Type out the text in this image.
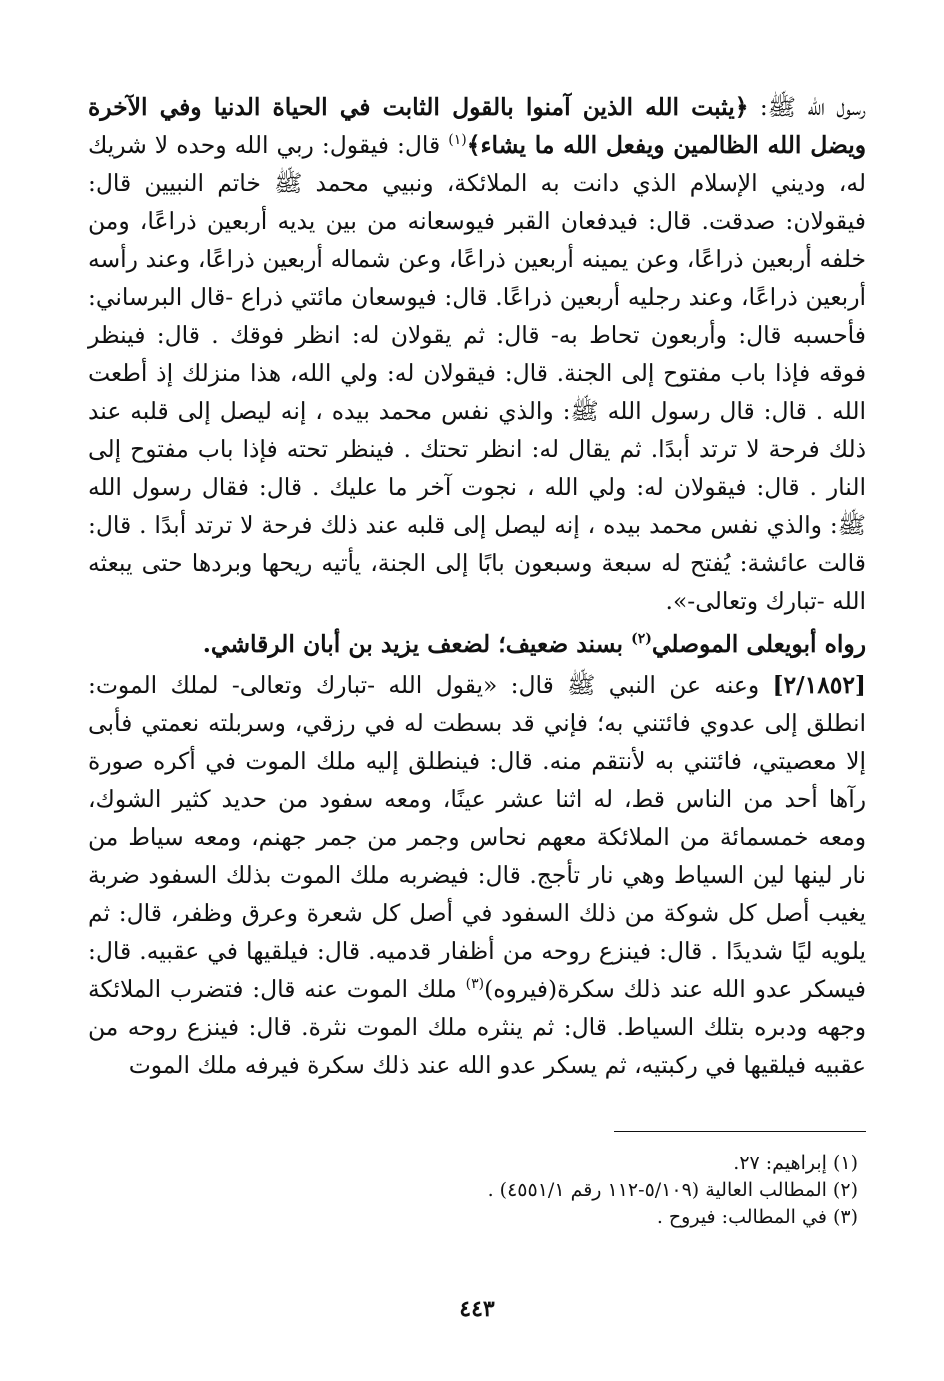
رسول الله ﷺ: ﴿يثبت الله الذين آمنوا بالقول الثابت في الحياة الدنيا وفي الآخرة ويضل الله الظالمين ويفعل الله ما يشاء﴾$^{(١)}$ قال: فيقول: ربي الله وحده لا شريك له، وديني الإسلام الذي دانت به الملائكة، ونبيي محمد ﷺ خاتم النبيين قال: فيقولان: صدقت. قال: فيدفعان القبر فيوسعانه من بين يديه أربعين ذراعًا، ومن خلفه أربعين ذراعًا، وعن يمينه أربعين ذراعًا، وعن شماله أربعين ذراعًا، وعند رأسه أربعين ذراعًا، وعند رجليه أربعين ذراعًا. قال: فيوسعان مائتي ذراع -قال البرساني: فأحسبه قال: وأربعون تحاط به- قال: ثم يقولان له: انظر فوقك . قال: فينظر فوقه فإذا باب مفتوح إلى الجنة. قال: فيقولان له: ولي الله، هذا منزلك إذ أطعت الله . قال: قال رسول الله ﷺ: والذي نفس محمد بيده ، إنه ليصل إلى قلبه عند ذلك فرحة لا ترتد أبدًا. ثم يقال له: انظر تحتك . فينظر تحته فإذا باب مفتوح إلى النار . قال: فيقولان له: ولي الله ، نجوت آخر ما عليك . قال: فقال رسول الله ﷺ: والذي نفس محمد بيده ، إنه ليصل إلى قلبه عند ذلك فرحة لا ترتد أبدًا . قال: قالت عائشة: يُفتح له سبعة وسبعون بابًا إلى الجنة، يأتيه ريحها وبردها حتى يبعثه الله -تبارك وتعالى-».

رواه أبويعلى الموصلي$^{(٢)}$ بسند ضعيف؛ لضعف يزيد بن أبان الرقاشي.

[٢/١٨٥٢] وعنه عن النبي ﷺ قال: «يقول الله -تبارك وتعالى- لملك الموت: انطلق إلى عدوي فائتني به؛ فإني قد بسطت له في رزقي، وسربلته نعمتي فأبى إلا معصيتي، فائتني به لأنتقم منه. قال: فينطلق إليه ملك الموت في أكره صورة رآها أحد من الناس قط، له اثنا عشر عينًا، ومعه سفود من حديد كثير الشوك، ومعه خمسمائة من الملائكة معهم نحاس وجمر من جمر جهنم، ومعه سياط من نار لينها لين السياط وهي نار تأجج. قال: فيضربه ملك الموت بذلك السفود ضربة يغيب أصل كل شوكة من ذلك السفود في أصل كل شعرة وعرق وظفر، قال: ثم يلويه ليًا شديدًا . قال: فينزع روحه من أظفار قدميه. قال: فيلقيها في عقبيه. قال: فيسكر عدو الله عند ذلك سكرة(فيروه)$^{(٣)}$ ملك الموت عنه قال: فتضرب الملائكة وجهه ودبره بتلك السياط. قال: ثم ينثره ملك الموت نثرة. قال: فينزع روحه من عقبيه فيلقيها في ركبتيه، ثم يسكر عدو الله عند ذلك سكرة فيرفه ملك الموت

(١) إبراهيم: ٢٧.
(٢) المطالب العالية (٥/١٠٩-١١٢ رقم ٤٥٥١/١) .
(٣) في المطالب: فيروح .
٤٤٣
